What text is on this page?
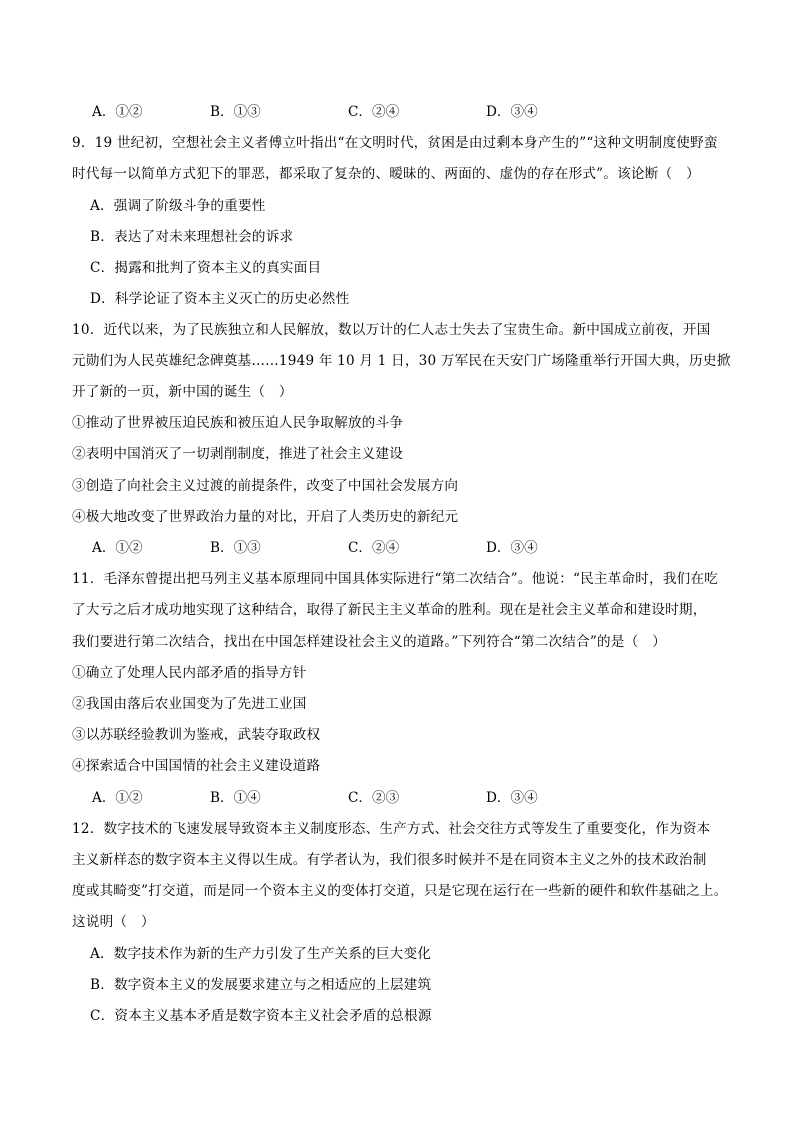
A．①②	B．①③	C．②④	D．③④
9．19 世纪初，空想社会主义者傅立叶指出“在文明时代，贫困是由过剩本身产生的”“这种文明制度使野蛮
时代每一以简单方式犯下的罪恶，都采取了复杂的、暧昧的、两面的、虚伪的存在形式”。该论断（　）
A．强调了阶级斗争的重要性
B．表达了对未来理想社会的诉求
C．揭露和批判了资本主义的真实面目
D．科学论证了资本主义灭亡的历史必然性
10．近代以来，为了民族独立和人民解放，数以万计的仁人志士失去了宝贵生命。新中国成立前夜，开国
元勋们为人民英雄纪念碑奠基……1949 年 10 月 1 日，30 万军民在天安门广场隆重举行开国大典，历史掀
开了新的一页，新中国的诞生（　）
①推动了世界被压迫民族和被压迫人民争取解放的斗争
②表明中国消灭了一切剥削制度，推进了社会主义建设
③创造了向社会主义过渡的前提条件，改变了中国社会发展方向
④极大地改变了世界政治力量的对比，开启了人类历史的新纪元
A．①②	B．①③	C．②④	D．③④
11．毛泽东曾提出把马列主义基本原理同中国具体实际进行“第二次结合”。他说：“民主革命时，我们在吃
了大亏之后才成功地实现了这种结合，取得了新民主主义革命的胜利。现在是社会主义革命和建设时期，
我们要进行第二次结合，找出在中国怎样建设社会主义的道路。”下列符合“第二次结合”的是（　）
①确立了处理人民内部矛盾的指导方针
②我国由落后农业国变为了先进工业国
③以苏联经验教训为鉴戒，武装夺取政权
④探索适合中国国情的社会主义建设道路
A．①②	B．①④	C．②③	D．③④
12．数字技术的飞速发展导致资本主义制度形态、生产方式、社会交往方式等发生了重要变化，作为资本
主义新样态的数字资本主义得以生成。有学者认为，我们很多时候并不是在同资本主义之外的技术政治制
度或其畸变”打交道，而是同一个资本主义的变体打交道，只是它现在运行在一些新的硬件和软件基础之上。
这说明（　）
A．数字技术作为新的生产力引发了生产关系的巨大变化
B．数字资本主义的发展要求建立与之相适应的上层建筑
C．资本主义基本矛盾是数字资本主义社会矛盾的总根源
